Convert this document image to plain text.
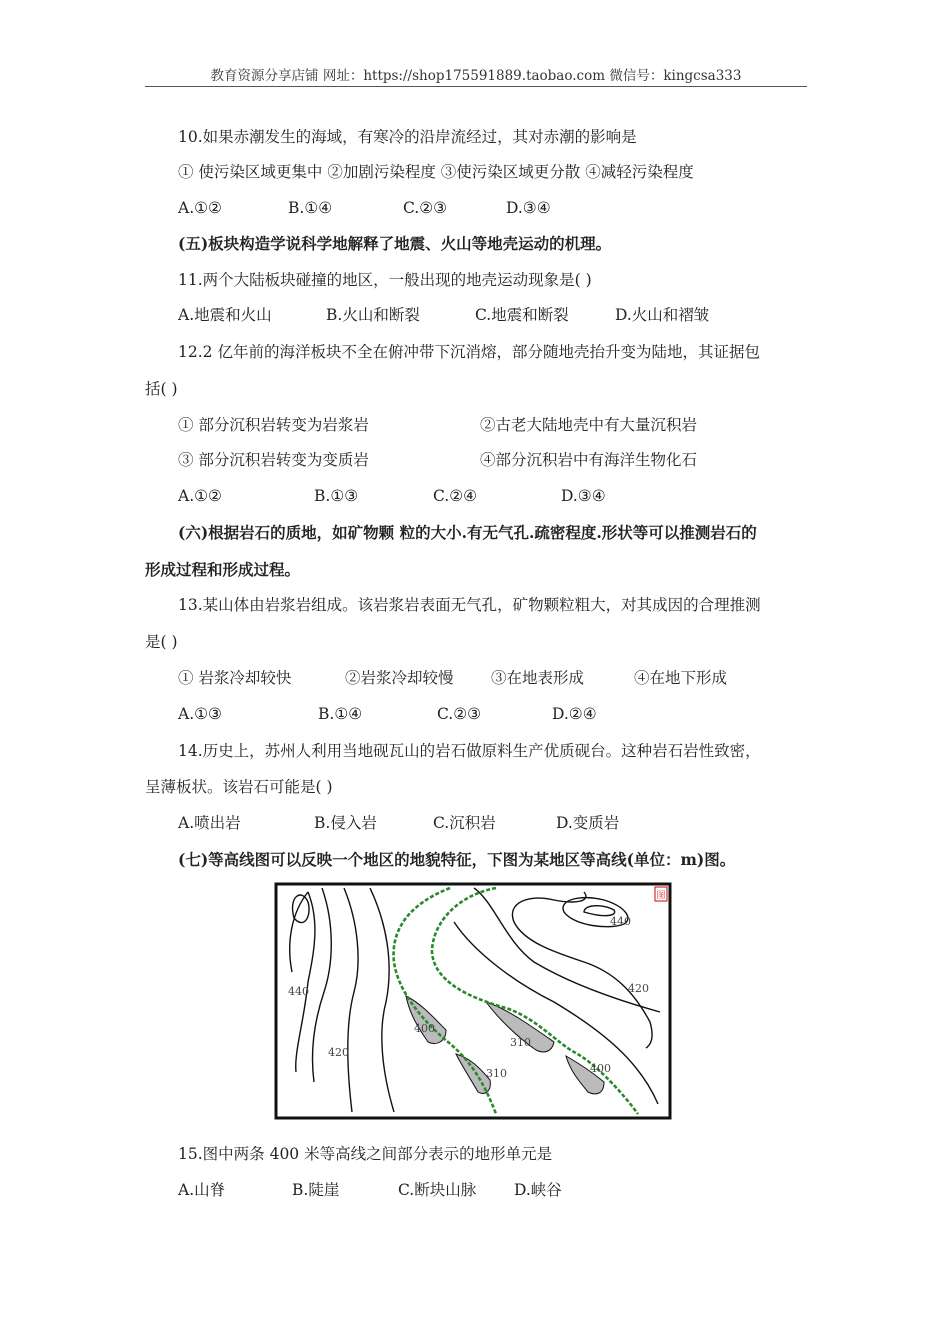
教育资源分享店铺 网址：https://shop175591889.taobao.com 微信号：kingcsa333
10.如果赤潮发生的海域，有寒冷的沿岸流经过，其对赤潮的影响是
① 使污染区域更集中 ②加剧污染程度 ③使污染区域更分散 ④减轻污染程度
A.①②	B.①④	C.②③	D.③④
(五)板块构造学说科学地解释了地震、火山等地壳运动的机理。
11.两个大陆板块碰撞的地区，一般出现的地壳运动现象是( )
A.地震和火山	B.火山和断裂	C.地震和断裂	D.火山和褶皱
12.2 亿年前的海洋板块不全在俯冲带下沉消熔，部分随地壳抬升变为陆地，其证据包
括( )
① 部分沉积岩转变为岩浆岩	②古老大陆地壳中有大量沉积岩
③ 部分沉积岩转变为变质岩	④部分沉积岩中有海洋生物化石
A.①②	B.①③	C.②④	D.③④
(六)根据岩石的质地，如矿物颗 粒的大小.有无气孔.疏密程度.形状等可以推测岩石的
形成过程和形成过程。
13.某山体由岩浆岩组成。该岩浆岩表面无气孔，矿物颗粒粗大，对其成因的合理推测
是( )
① 岩浆冷却较快	②岩浆冷却较慢 ③在地表形成	④在地下形成
A.①③	B.①④	C.②③	D.②④
14.历史上，苏州人利用当地砚瓦山的岩石做原料生产优质砚台。这种岩石岩性致密，
呈薄板状。该岩石可能是( )
A.喷出岩	B.侵入岩	C.沉积岩	D.变质岩
(七)等高线图可以反映一个地区的地貌特征，下图为某地区等高线(单位：m)图。
图
440
420
400
310
310	400
440
420
15.图中两条 400 米等高线之间部分表示的地形单元是
A.山脊	B.陡崖	C.断块山脉 D.峡谷
